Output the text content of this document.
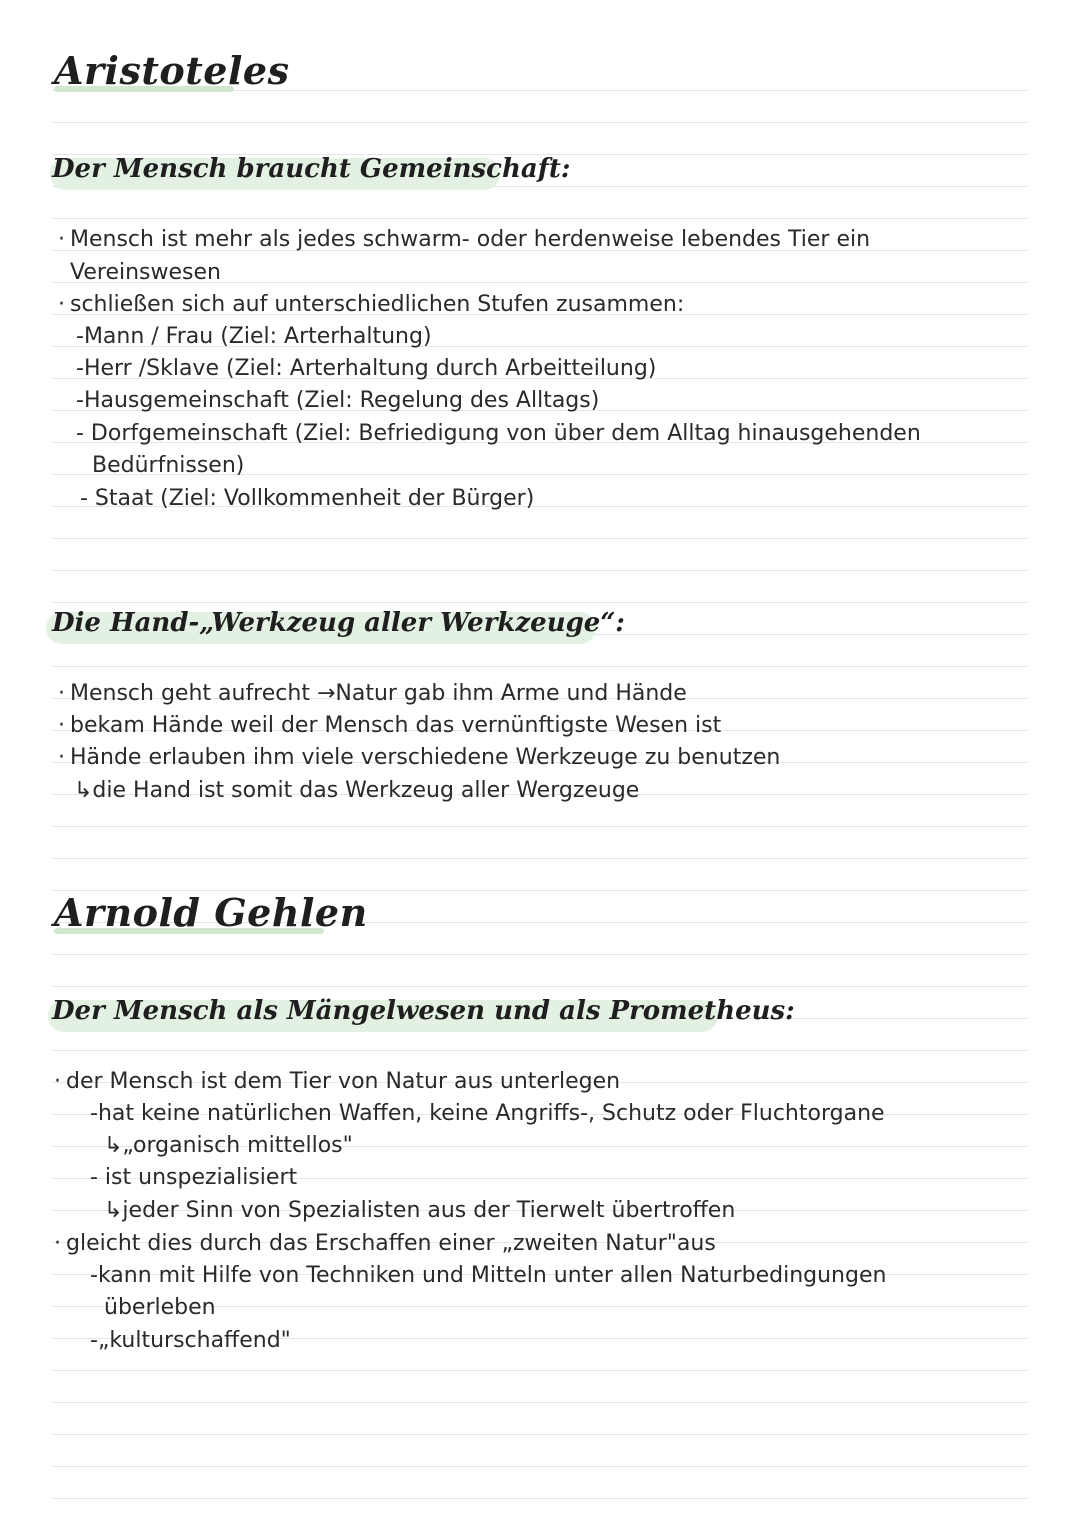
Aristoteles
Der Mensch braucht Gemeinschaft:
· Mensch ist mehr als jedes schwarm- oder herdenweise lebendes Tier ein
Vereinswesen
· schließen sich auf unterschiedlichen Stufen zusammen:
-Mann / Frau (Ziel: Arterhaltung)
-Herr /Sklave (Ziel: Arterhaltung durch Arbeitteilung)
-Hausgemeinschaft (Ziel: Regelung des Alltags)
- Dorfgemeinschaft (Ziel: Befriedigung von über dem Alltag hinausgehenden
Bedürfnissen)
- Staat (Ziel: Vollkommenheit der Bürger)
Die Hand-„Werkzeug aller Werkzeuge“:
· Mensch geht aufrecht →Natur gab ihm Arme und Hände
· bekam Hände weil der Mensch das vernünftigste Wesen ist
· Hände erlauben ihm viele verschiedene Werkzeuge zu benutzen
↳die Hand ist somit das Werkzeug aller Wergzeuge
Arnold Gehlen
Der Mensch als Mängelwesen und als Prometheus:
· der Mensch ist dem Tier von Natur aus unterlegen
-hat keine natürlichen Waffen, keine Angriffs-, Schutz oder Fluchtorgane
↳„organisch mittellos"
- ist unspezialisiert
↳jeder Sinn von Spezialisten aus der Tierwelt übertroffen
· gleicht dies durch das Erschaffen einer „zweiten Natur"aus
-kann mit Hilfe von Techniken und Mitteln unter allen Naturbedingungen
überleben
-„kulturschaffend"
